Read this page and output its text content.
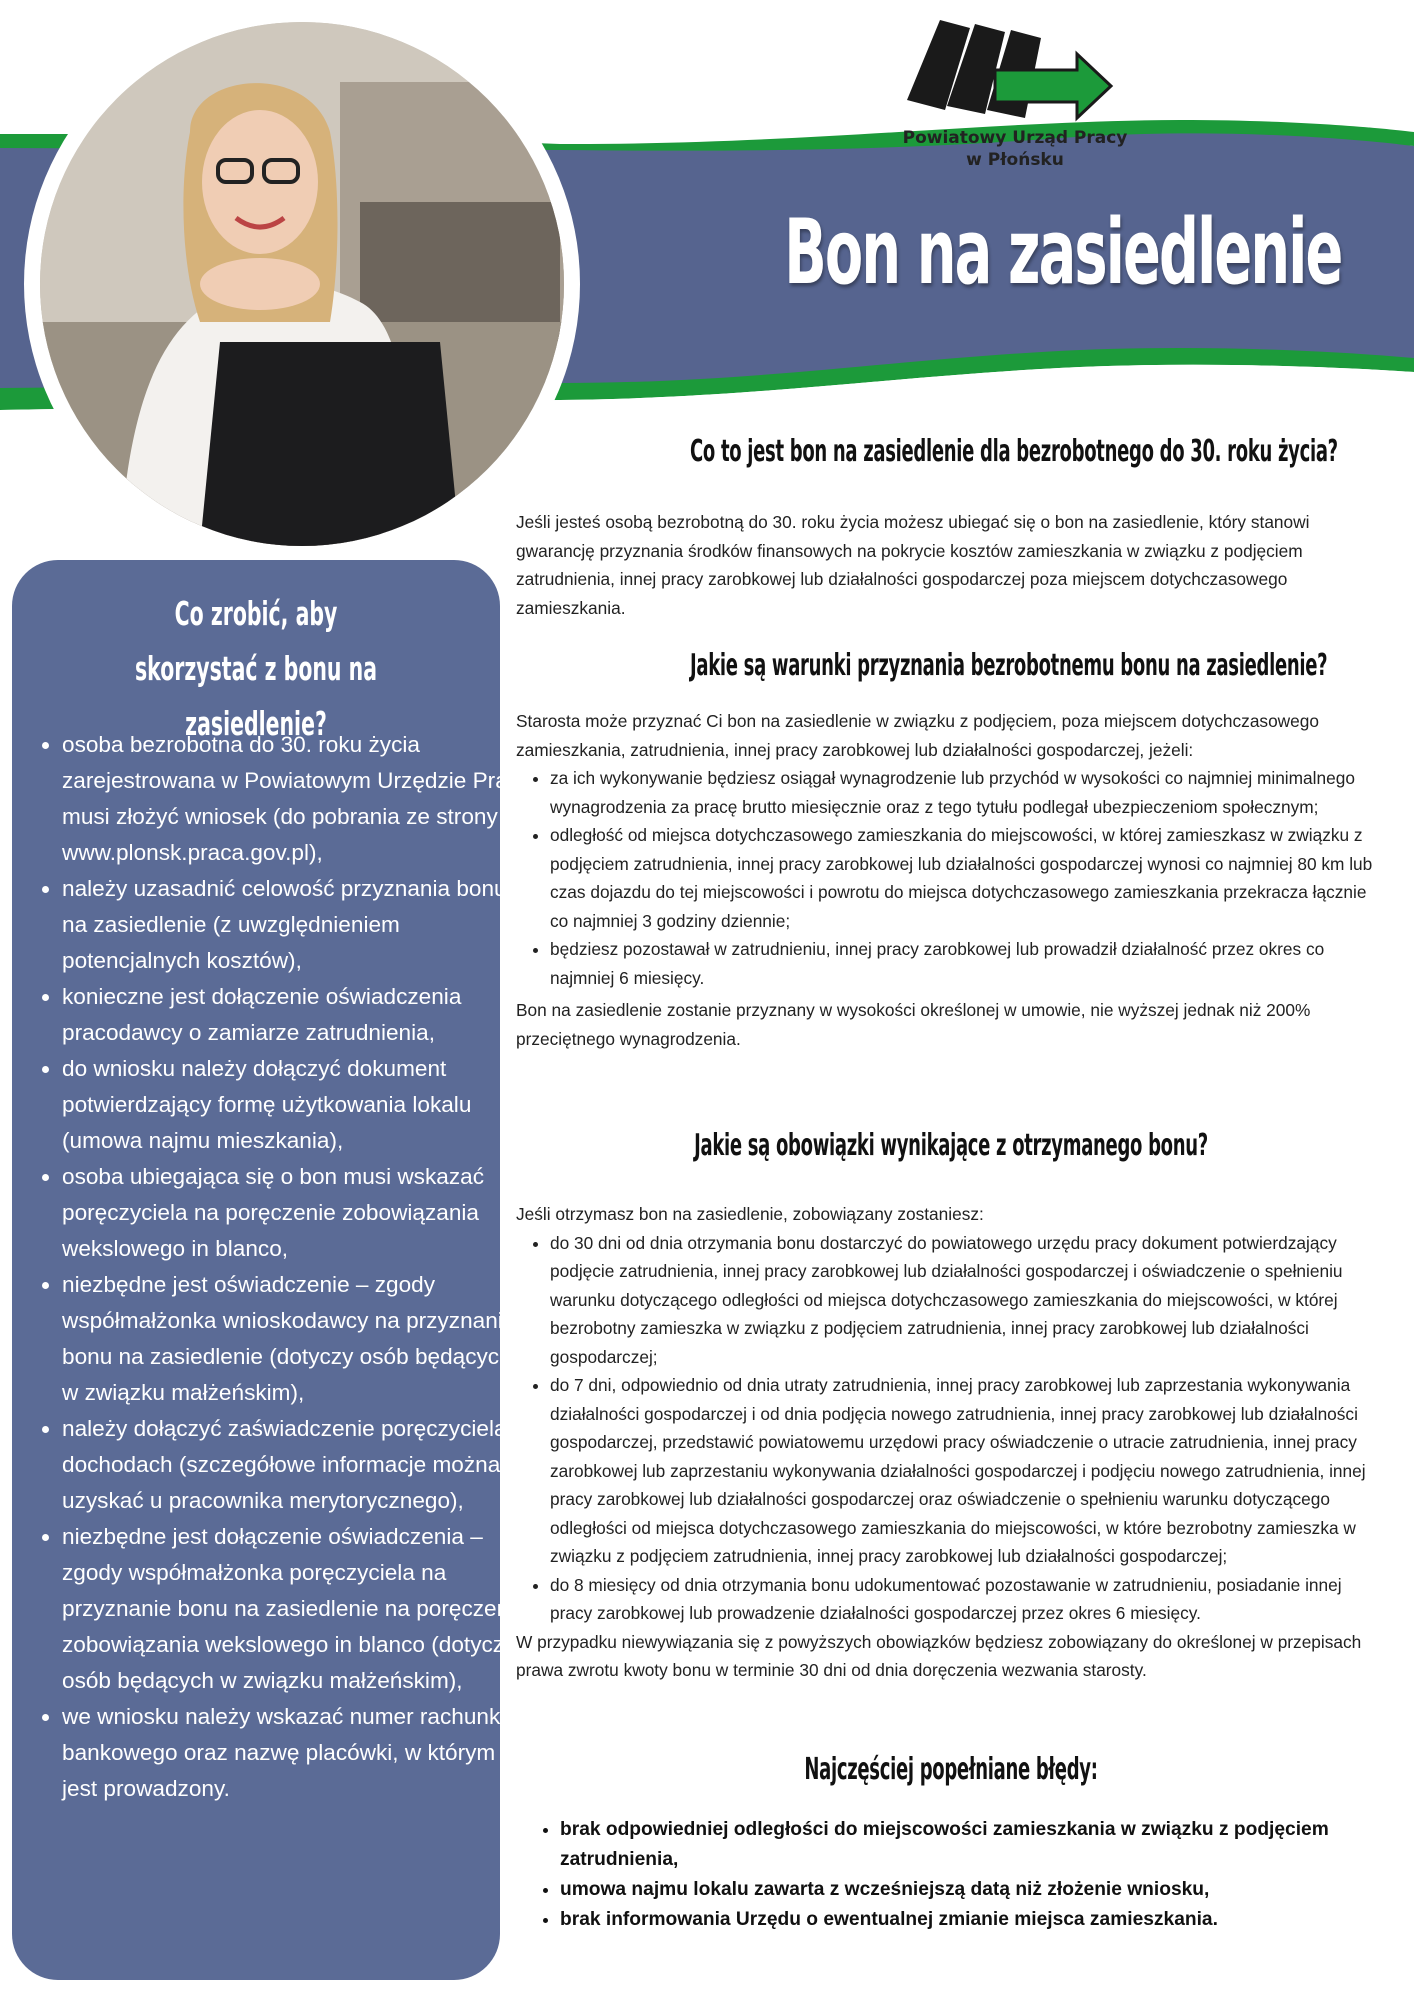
Powiatowy Urząd Pracy
w Płońsku
Bon na zasiedlenie
Co zrobić, aby skorzystać z bonu na zasiedlenie?
• osoba bezrobotna do 30. roku życia zarejestrowana w Powiatowym Urzędzie Pracy musi złożyć wniosek (do pobrania ze strony www.plonsk.praca.gov.pl),
• należy uzasadnić celowość przyznania bonu na zasiedlenie (z uwzględnieniem potencjalnych kosztów),
• konieczne jest dołączenie oświadczenia pracodawcy o zamiarze zatrudnienia,
• do wniosku należy dołączyć dokument potwierdzający formę użytkowania lokalu (umowa najmu mieszkania),
• osoba ubiegająca się o bon musi wskazać poręczyciela na poręczenie zobowiązania wekslowego in blanco,
• niezbędne jest oświadczenie – zgody współmałżonka wnioskodawcy na przyznanie bonu na zasiedlenie (dotyczy osób będących w związku małżeńskim),
• należy dołączyć zaświadczenie poręczyciela o dochodach (szczegółowe informacje można uzyskać u pracownika merytorycznego),
• niezbędne jest dołączenie oświadczenia – zgody współmałżonka poręczyciela na przyznanie bonu na zasiedlenie na poręczenie zobowiązania wekslowego in blanco (dotyczy osób będących w związku małżeńskim),
• we wniosku należy wskazać numer rachunku bankowego oraz nazwę placówki, w którym jest prowadzony.
Co to jest bon na zasiedlenie dla bezrobotnego do 30. roku życia?

Jeśli jesteś osobą bezrobotną do 30. roku życia możesz ubiegać się o bon na zasiedlenie, który stanowi gwarancję przyznania środków finansowych na pokrycie kosztów zamieszkania w związku z podjęciem zatrudnienia, innej pracy zarobkowej lub działalności gospodarczej poza miejscem dotychczasowego zamieszkania.

Jakie są warunki przyznania bezrobotnemu bonu na zasiedlenie?

Starosta może przyznać Ci bon na zasiedlenie w związku z podjęciem, poza miejscem dotychczasowego zamieszkania, zatrudnienia, innej pracy zarobkowej lub działalności gospodarczej, jeżeli:

• za ich wykonywanie będziesz osiągał wynagrodzenie lub przychód w wysokości co najmniej minimalnego wynagrodzenia za pracę brutto miesięcznie oraz z tego tytułu podlegał ubezpieczeniom społecznym;
• odległość od miejsca dotychczasowego zamieszkania do miejscowości, w której zamieszkasz w związku z podjęciem zatrudnienia, innej pracy zarobkowej lub działalności gospodarczej wynosi co najmniej 80 km lub czas dojazdu do tej miejscowości i powrotu do miejsca dotychczasowego zamieszkania przekracza łącznie co najmniej 3 godziny dziennie;
• będziesz pozostawał w zatrudnieniu, innej pracy zarobkowej lub prowadził działalność przez okres co najmniej 6 miesięcy.

Bon na zasiedlenie zostanie przyznany w wysokości określonej w umowie, nie wyższej jednak niż 200% przeciętnego wynagrodzenia.

Jakie są obowiązki wynikające z otrzymanego bonu?

Jeśli otrzymasz bon na zasiedlenie, zobowiązany zostaniesz:

• do 30 dni od dnia otrzymania bonu dostarczyć do powiatowego urzędu pracy dokument potwierdzający podjęcie zatrudnienia, innej pracy zarobkowej lub działalności gospodarczej i oświadczenie o spełnieniu warunku dotyczącego odległości od miejsca dotychczasowego zamieszkania do miejscowości, w której bezrobotny zamieszka w związku z podjęciem zatrudnienia, innej pracy zarobkowej lub działalności gospodarczej;
• do 7 dni, odpowiednio od dnia utraty zatrudnienia, innej pracy zarobkowej lub zaprzestania wykonywania działalności gospodarczej i od dnia podjęcia nowego zatrudnienia, innej pracy zarobkowej lub działalności gospodarczej, przedstawić powiatowemu urzędowi pracy oświadczenie o utracie zatrudnienia, innej pracy zarobkowej lub zaprzestaniu wykonywania działalności gospodarczej i podjęciu nowego zatrudnienia, innej pracy zarobkowej lub działalności gospodarczej oraz oświadczenie o spełnieniu warunku dotyczącego odległości od miejsca dotychczasowego zamieszkania do miejscowości, w które bezrobotny zamieszka w związku z podjęciem zatrudnienia, innej pracy zarobkowej lub działalności gospodarczej;
• do 8 miesięcy od dnia otrzymania bonu udokumentować pozostawanie w zatrudnieniu, posiadanie innej pracy zarobkowej lub prowadzenie działalności gospodarczej przez okres 6 miesięcy.

W przypadku niewywiązania się z powyższych obowiązków będziesz zobowiązany do określonej w przepisach prawa zwrotu kwoty bonu w terminie 30 dni od dnia doręczenia wezwania starosty.

Najczęściej popełniane błędy:
• brak odpowiedniej odległości do miejscowości zamieszkania w związku z podjęciem zatrudnienia,
• umowa najmu lokalu zawarta z wcześniejszą datą niż złożenie wniosku,
• brak informowania Urzędu o ewentualnej zmianie miejsca zamieszkania.
